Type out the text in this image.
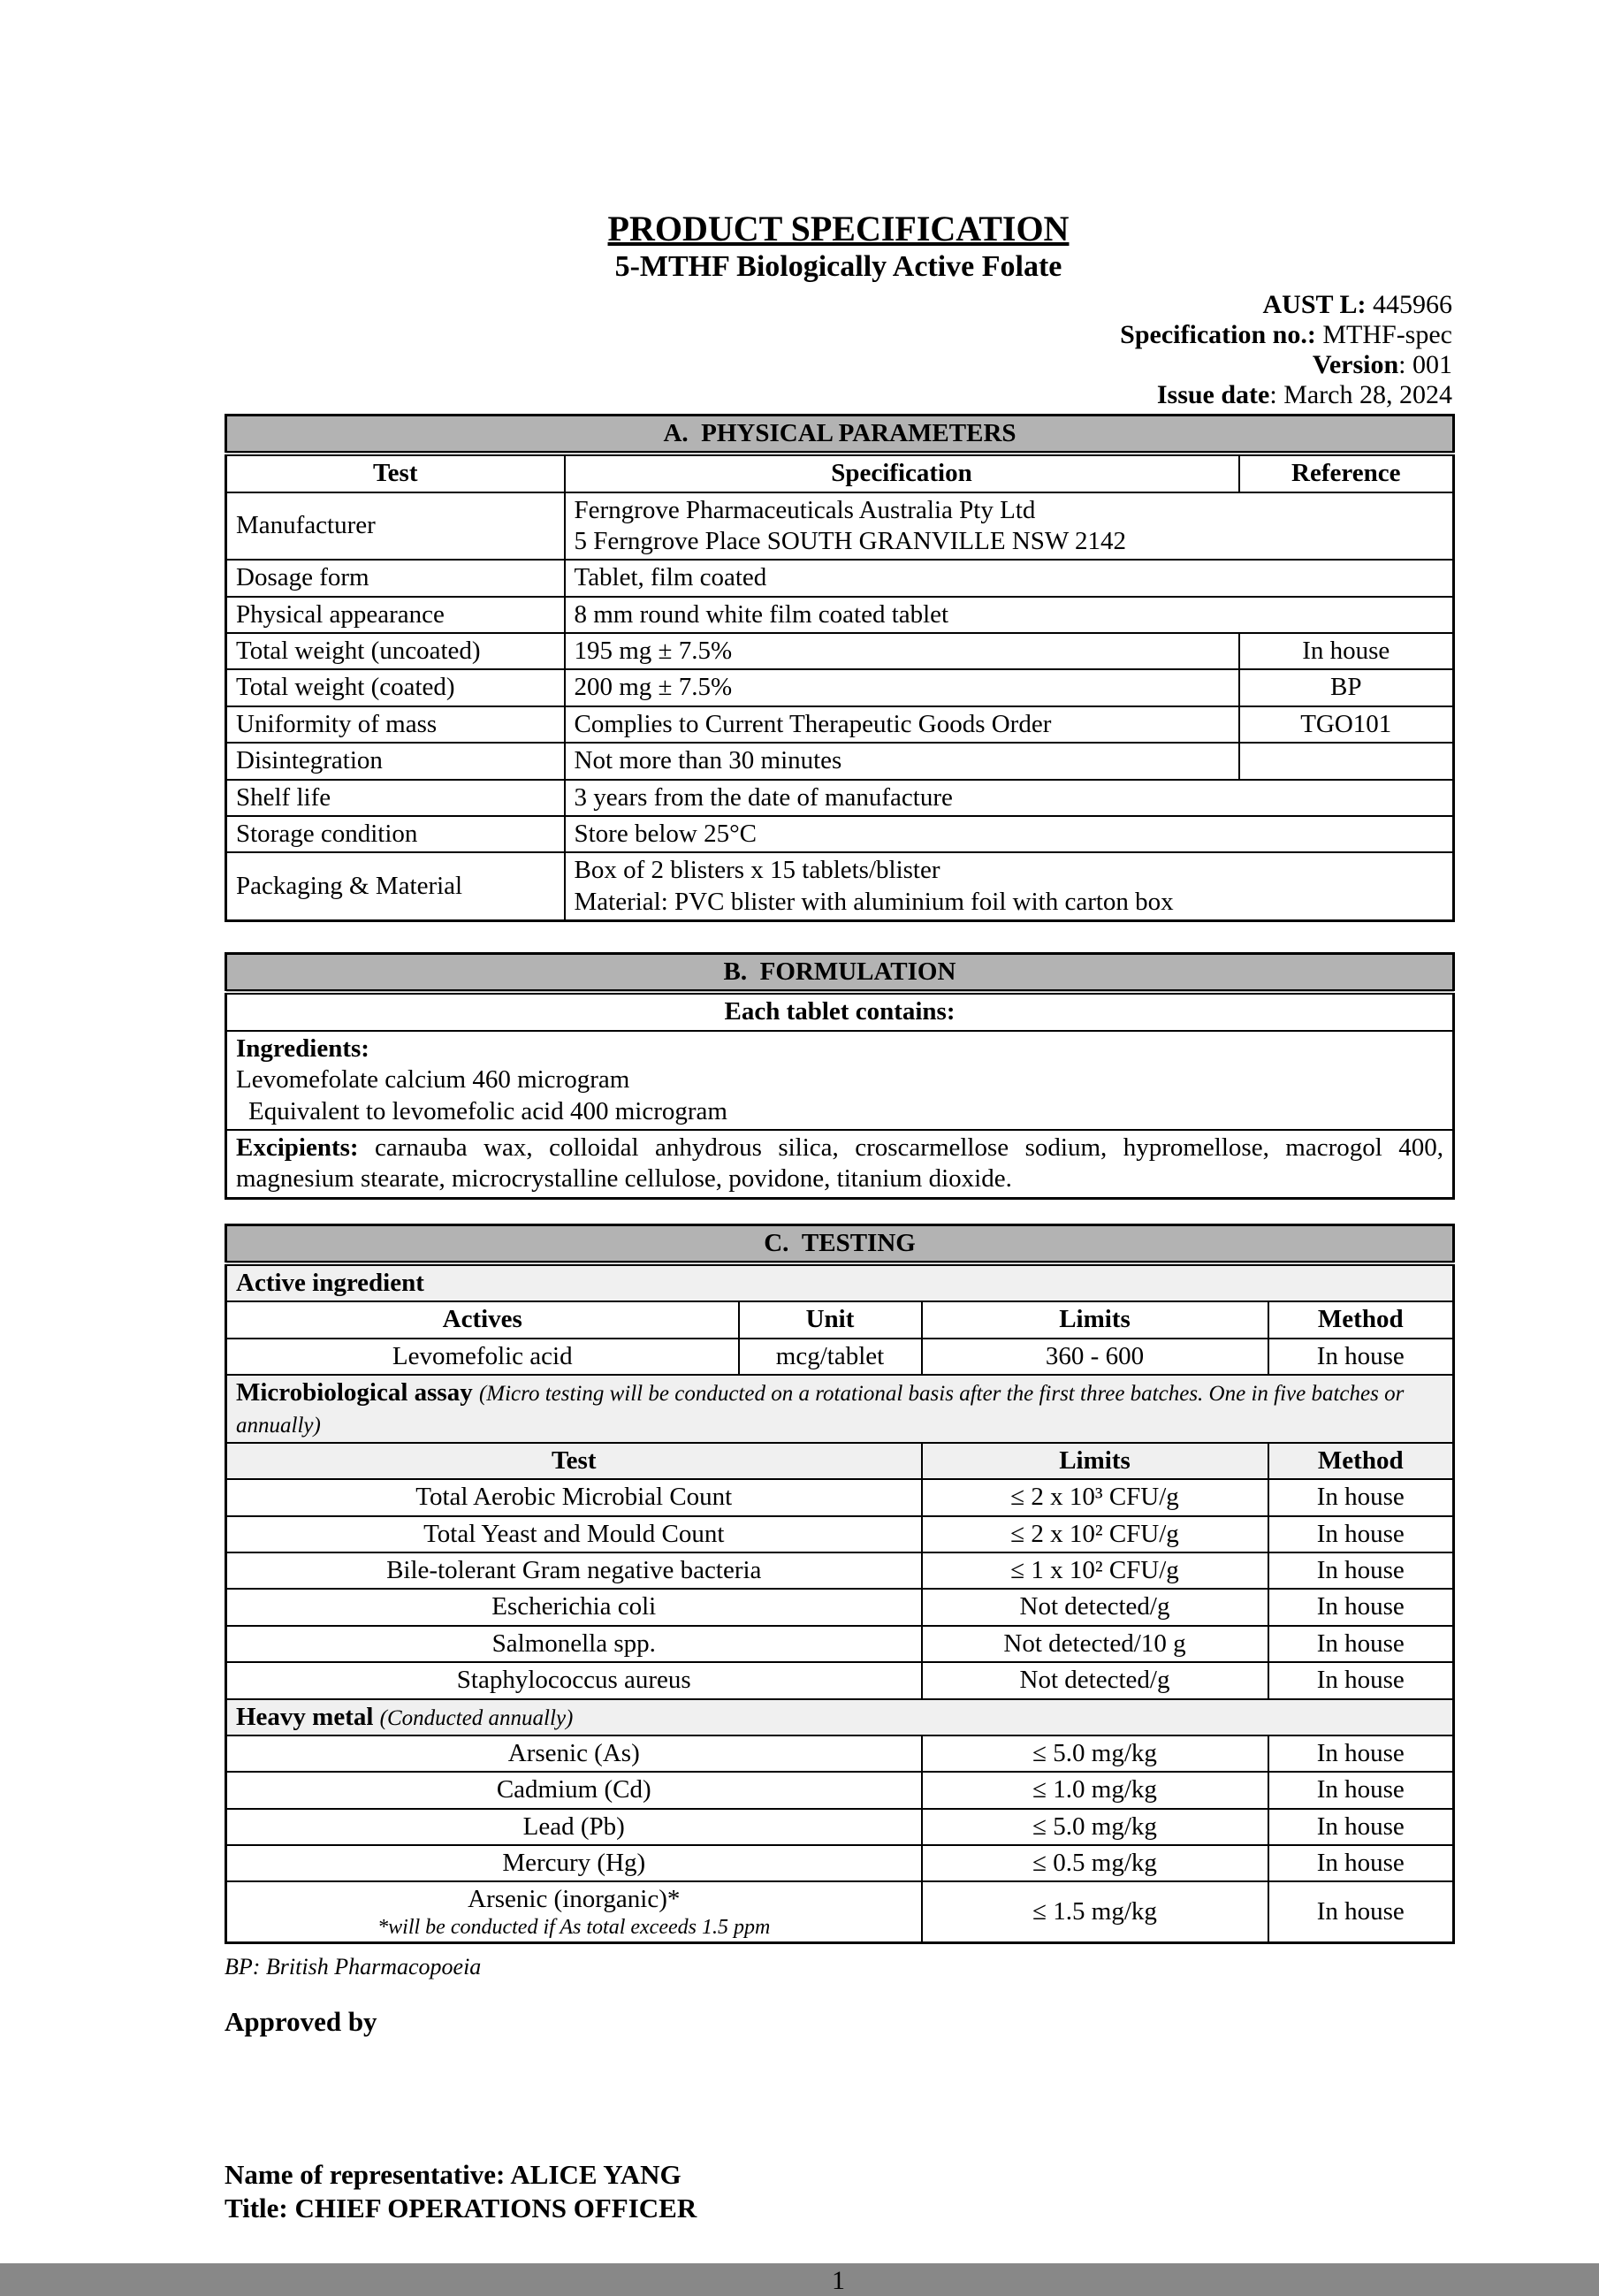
PRODUCT SPECIFICATION
5-MTHF Biologically Active Folate
AUST L: 445966
Specification no.: MTHF-spec
Version: 001
Issue date: March 28, 2024
A.  PHYSICAL PARAMETERS		
Test	Specification	Reference
Manufacturer	Ferngrove Pharmaceuticals Australia Pty Ltd
5 Ferngrove Place SOUTH GRANVILLE NSW 2142	

Dosage form	Tablet, film coated	
Physical appearance	8 mm round white film coated tablet	
Total weight (uncoated)	195 mg ± 7.5%	In house
Total weight (coated)	200 mg ± 7.5%	BP
Uniformity of mass	Complies to Current Therapeutic Goods Order	TGO101
Disintegration	Not more than 30 minutes	
Shelf life	3 years from the date of manufacture	
Storage condition	Store below 25°C	
Packaging & Material	Box of 2 blisters x 15 tablets/blister
Material: PVC blister with aluminium foil with carton box	
B.  FORMULATION
Each tablet contains:

Ingredients:
Levomefolate calcium 460 microgram
Equivalent to levomefolic acid 400 microgram

Excipients: carnauba wax, colloidal anhydrous silica, croscarmellose sodium, hypromellose, macrogol 400, magnesium stearate, microcrystalline cellulose, povidone, titanium dioxide.
C.  TESTING			
Active ingredient			
Actives	Unit	Limits	Method
Levomefolic acid	mcg/tablet	360 - 600	In house
Microbiological assay (Micro testing will be conducted on a rotational basis after the first three batches. One in five batches or annually)			
Test		Limits	Method
Total Aerobic Microbial Count		≤ 2 x 10³ CFU/g	In house
Total Yeast and Mould Count		≤ 2 x 10² CFU/g	In house
Bile-tolerant Gram negative bacteria		≤ 1 x 10² CFU/g	In house
Escherichia coli		Not detected/g	In house
Salmonella spp.		Not detected/10 g	In house
Staphylococcus aureus		Not detected/g	In house
Heavy metal (Conducted annually)			
Arsenic (As)		≤ 5.0 mg/kg	In house
Cadmium (Cd)		≤ 1.0 mg/kg	In house
Lead (Pb)		≤ 5.0 mg/kg	In house
Mercury (Hg)		≤ 0.5 mg/kg	In house

Arsenic (inorganic)*
*will be conducted if As total exceeds 1.5 ppm		≤ 1.5 mg/kg	In house
BP: British Pharmacopoeia
Approved by
Name of representative: ALICE YANG
Title: CHIEF OPERATIONS OFFICER
1
